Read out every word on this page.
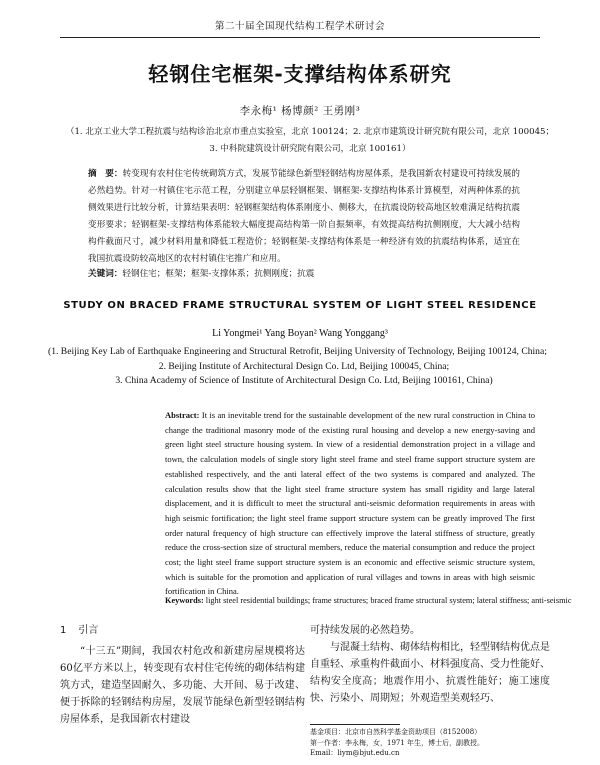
第二十届全国现代结构工程学术研讨会
轻钢住宅框架-支撑结构体系研究
李永梅¹ 杨博颜² 王勇刚³
（1. 北京工业大学工程抗震与结构诊治北京市重点实验室，北京 100124；2. 北京市建筑设计研究院有限公司，北京 100045；
3. 中科院建筑设计研究院有限公司，北京 100161）
摘　要：转变现有农村住宅传统砌筑方式，发展节能绿色新型轻钢结构房屋体系，是我国新农村建设可持续发展的必然趋势。针对一村镇住宅示范工程，分别建立单层轻钢框架、钢框架-支撑结构体系计算模型，对两种体系的抗侧效果进行比较分析，计算结果表明：轻钢框架结构体系刚度小、侧移大，在抗震设防较高地区较难满足结构抗震变形要求；轻钢框架-支撑结构体系能较大幅度提高结构第一阶自振频率，有效提高结构抗侧刚度，大大减小结构构件截面尺寸，减少材料用量和降低工程造价；轻钢框架-支撑结构体系是一种经济有效的抗震结构体系，适宜在我国抗震设防较高地区的农村村镇住宅推广和应用。
关键词：轻钢住宅；框架；框架-支撑体系；抗侧刚度；抗震
STUDY ON BRACED FRAME STRUCTURAL SYSTEM OF LIGHT STEEL RESIDENCE
Li Yongmei¹ Yang Boyan² Wang Yonggang³
(1. Beijing Key Lab of Earthquake Engineering and Structural Retrofit, Beijing University of Technology, Beijing 100124, China;
2. Beijing Institute of Architectural Design Co. Ltd, Beijing 100045, China;
3. China Academy of Science of Institute of Architectural Design Co. Ltd, Beijing 100161, China)
Abstract: It is an inevitable trend for the sustainable development of the new rural construction in China to change the traditional masonry mode of the existing rural housing and develop a new energy-saving and green light steel structure housing system. In view of a residential demonstration project in a village and town, the calculation models of single story light steel frame and steel frame support structure system are established respectively, and the anti lateral effect of the two systems is compared and analyzed. The calculation results show that the light steel frame structure system has small rigidity and large lateral displacement, and it is difficult to meet the structural anti-seismic deformation requirements in areas with high seismic fortification; the light steel frame support structure system can be greatly improved The first order natural frequency of high structure can effectively improve the lateral stiffness of structure, greatly reduce the cross-section size of structural members, reduce the material consumption and reduce the project cost; the light steel frame support structure system is an economic and effective seismic structure system, which is suitable for the promotion and application of rural villages and towns in areas with high seismic fortification in China.
Keywords: light steel residential buildings; frame structures; braced frame structural system; lateral stiffness; anti-seismic
1 引言

“十三五”期间，我国农村危改和新建房屋规模将达60亿平方米以上，转变现有农村住宅传统的砌体结构建筑方式，建造坚固耐久、多功能、大开间、易于改建、便于拆除的轻钢结构房屋，发展节能绿色新型轻钢结构房屋体系，是我国新农村建设

可持续发展的必然趋势。

与混凝土结构、砌体结构相比，轻型钢结构优点是自重轻、承重构件截面小、材料强度高、受力性能好、结构安全度高；地震作用小、抗震性能好；施工速度快、污染小、周期短；外观造型美观轻巧、

基金项目：北京市自然科学基金资助项目（8152008）
第一作者：李永梅，女，1971 年生，博士后，副教授。
Email：liym@bjut.edu.cn
